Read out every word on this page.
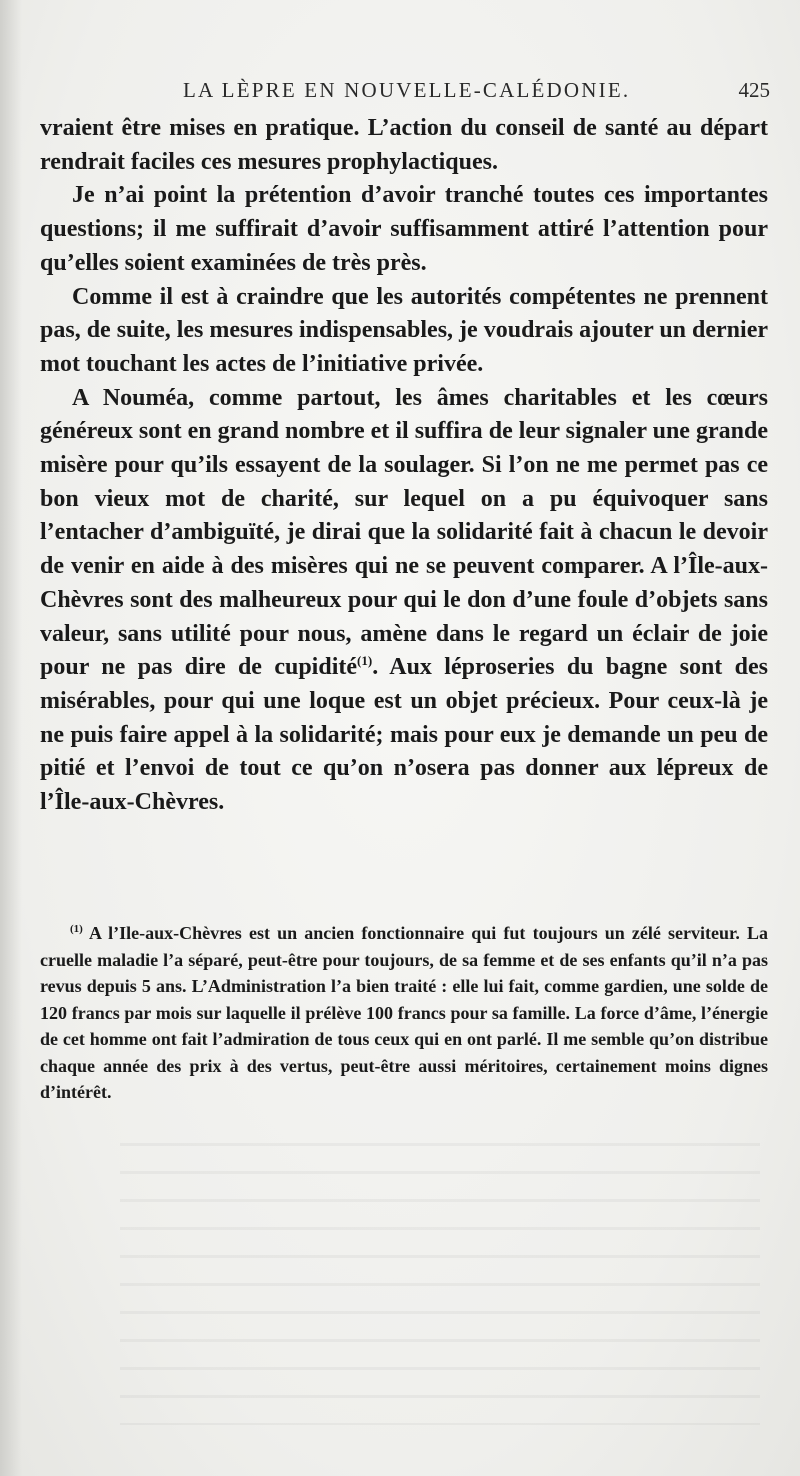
LA LÈPRE EN NOUVELLE-CALÉDONIE.	425

vraient être mises en pratique. L’action du conseil de santé au départ rendrait faciles ces mesures prophylactiques.

Je n’ai point la prétention d’avoir tranché toutes ces importantes questions; il me suffirait d’avoir suffisamment attiré l’attention pour qu’elles soient examinées de très près.

Comme il est à craindre que les autorités compétentes ne prennent pas, de suite, les mesures indispensables, je voudrais ajouter un dernier mot touchant les actes de l’initiative privée.

A Nouméa, comme partout, les âmes charitables et les cœurs généreux sont en grand nombre et il suffira de leur signaler une grande misère pour qu’ils essayent de la soulager. Si l’on ne me permet pas ce bon vieux mot de charité, sur lequel on a pu équivoquer sans l’entacher d’ambiguïté, je dirai que la solidarité fait à chacun le devoir de venir en aide à des misères qui ne se peuvent comparer. A l’Île-aux-Chèvres sont des malheureux pour qui le don d’une foule d’objets sans valeur, sans utilité pour nous, amène dans le regard un éclair de joie pour ne pas dire de cupidité$^{(1)}$. Aux léproseries du bagne sont des misérables, pour qui une loque est un objet précieux. Pour ceux-là je ne puis faire appel à la solidarité; mais pour eux je demande un peu de pitié et l’envoi de tout ce qu’on n’osera pas donner aux lépreux de l’Île-aux-Chèvres.

$^{(1)}$ A l’Ile-aux-Chèvres est un ancien fonctionnaire qui fut toujours un zélé serviteur. La cruelle maladie l’a séparé, peut-être pour toujours, de sa femme et de ses enfants qu’il n’a pas revus depuis 5 ans. L’Administration l’a bien traité : elle lui fait, comme gardien, une solde de 120 francs par mois sur laquelle il prélève 100 francs pour sa famille. La force d’âme, l’énergie de cet homme ont fait l’admiration de tous ceux qui en ont parlé. Il me semble qu’on distribue chaque année des prix à des vertus, peut-être aussi méritoires, certainement moins dignes d’intérêt.
